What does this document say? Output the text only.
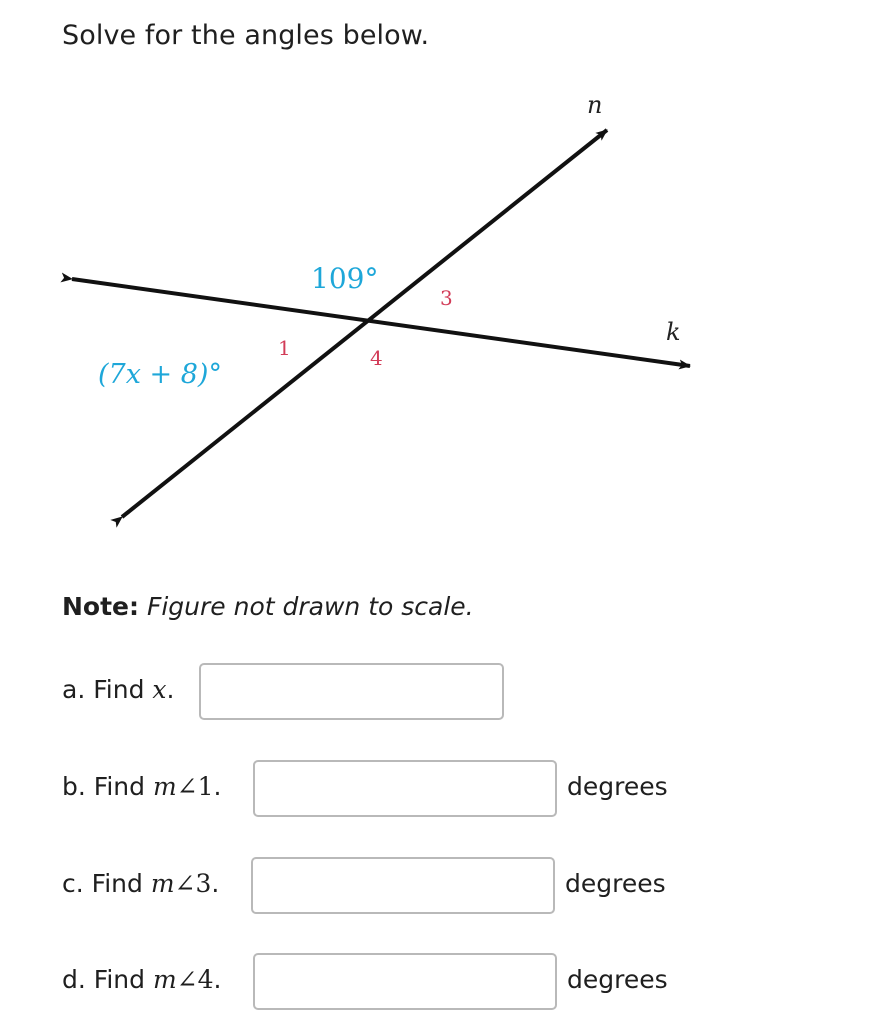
Solve for the angles below.
n
k
109°
(7x + 8)°
1
3
4
Note: Figure not drawn to scale.
a. Find x.
b. Find m∠1.	degrees
c. Find m∠3.	degrees
d. Find m∠4.	degrees
